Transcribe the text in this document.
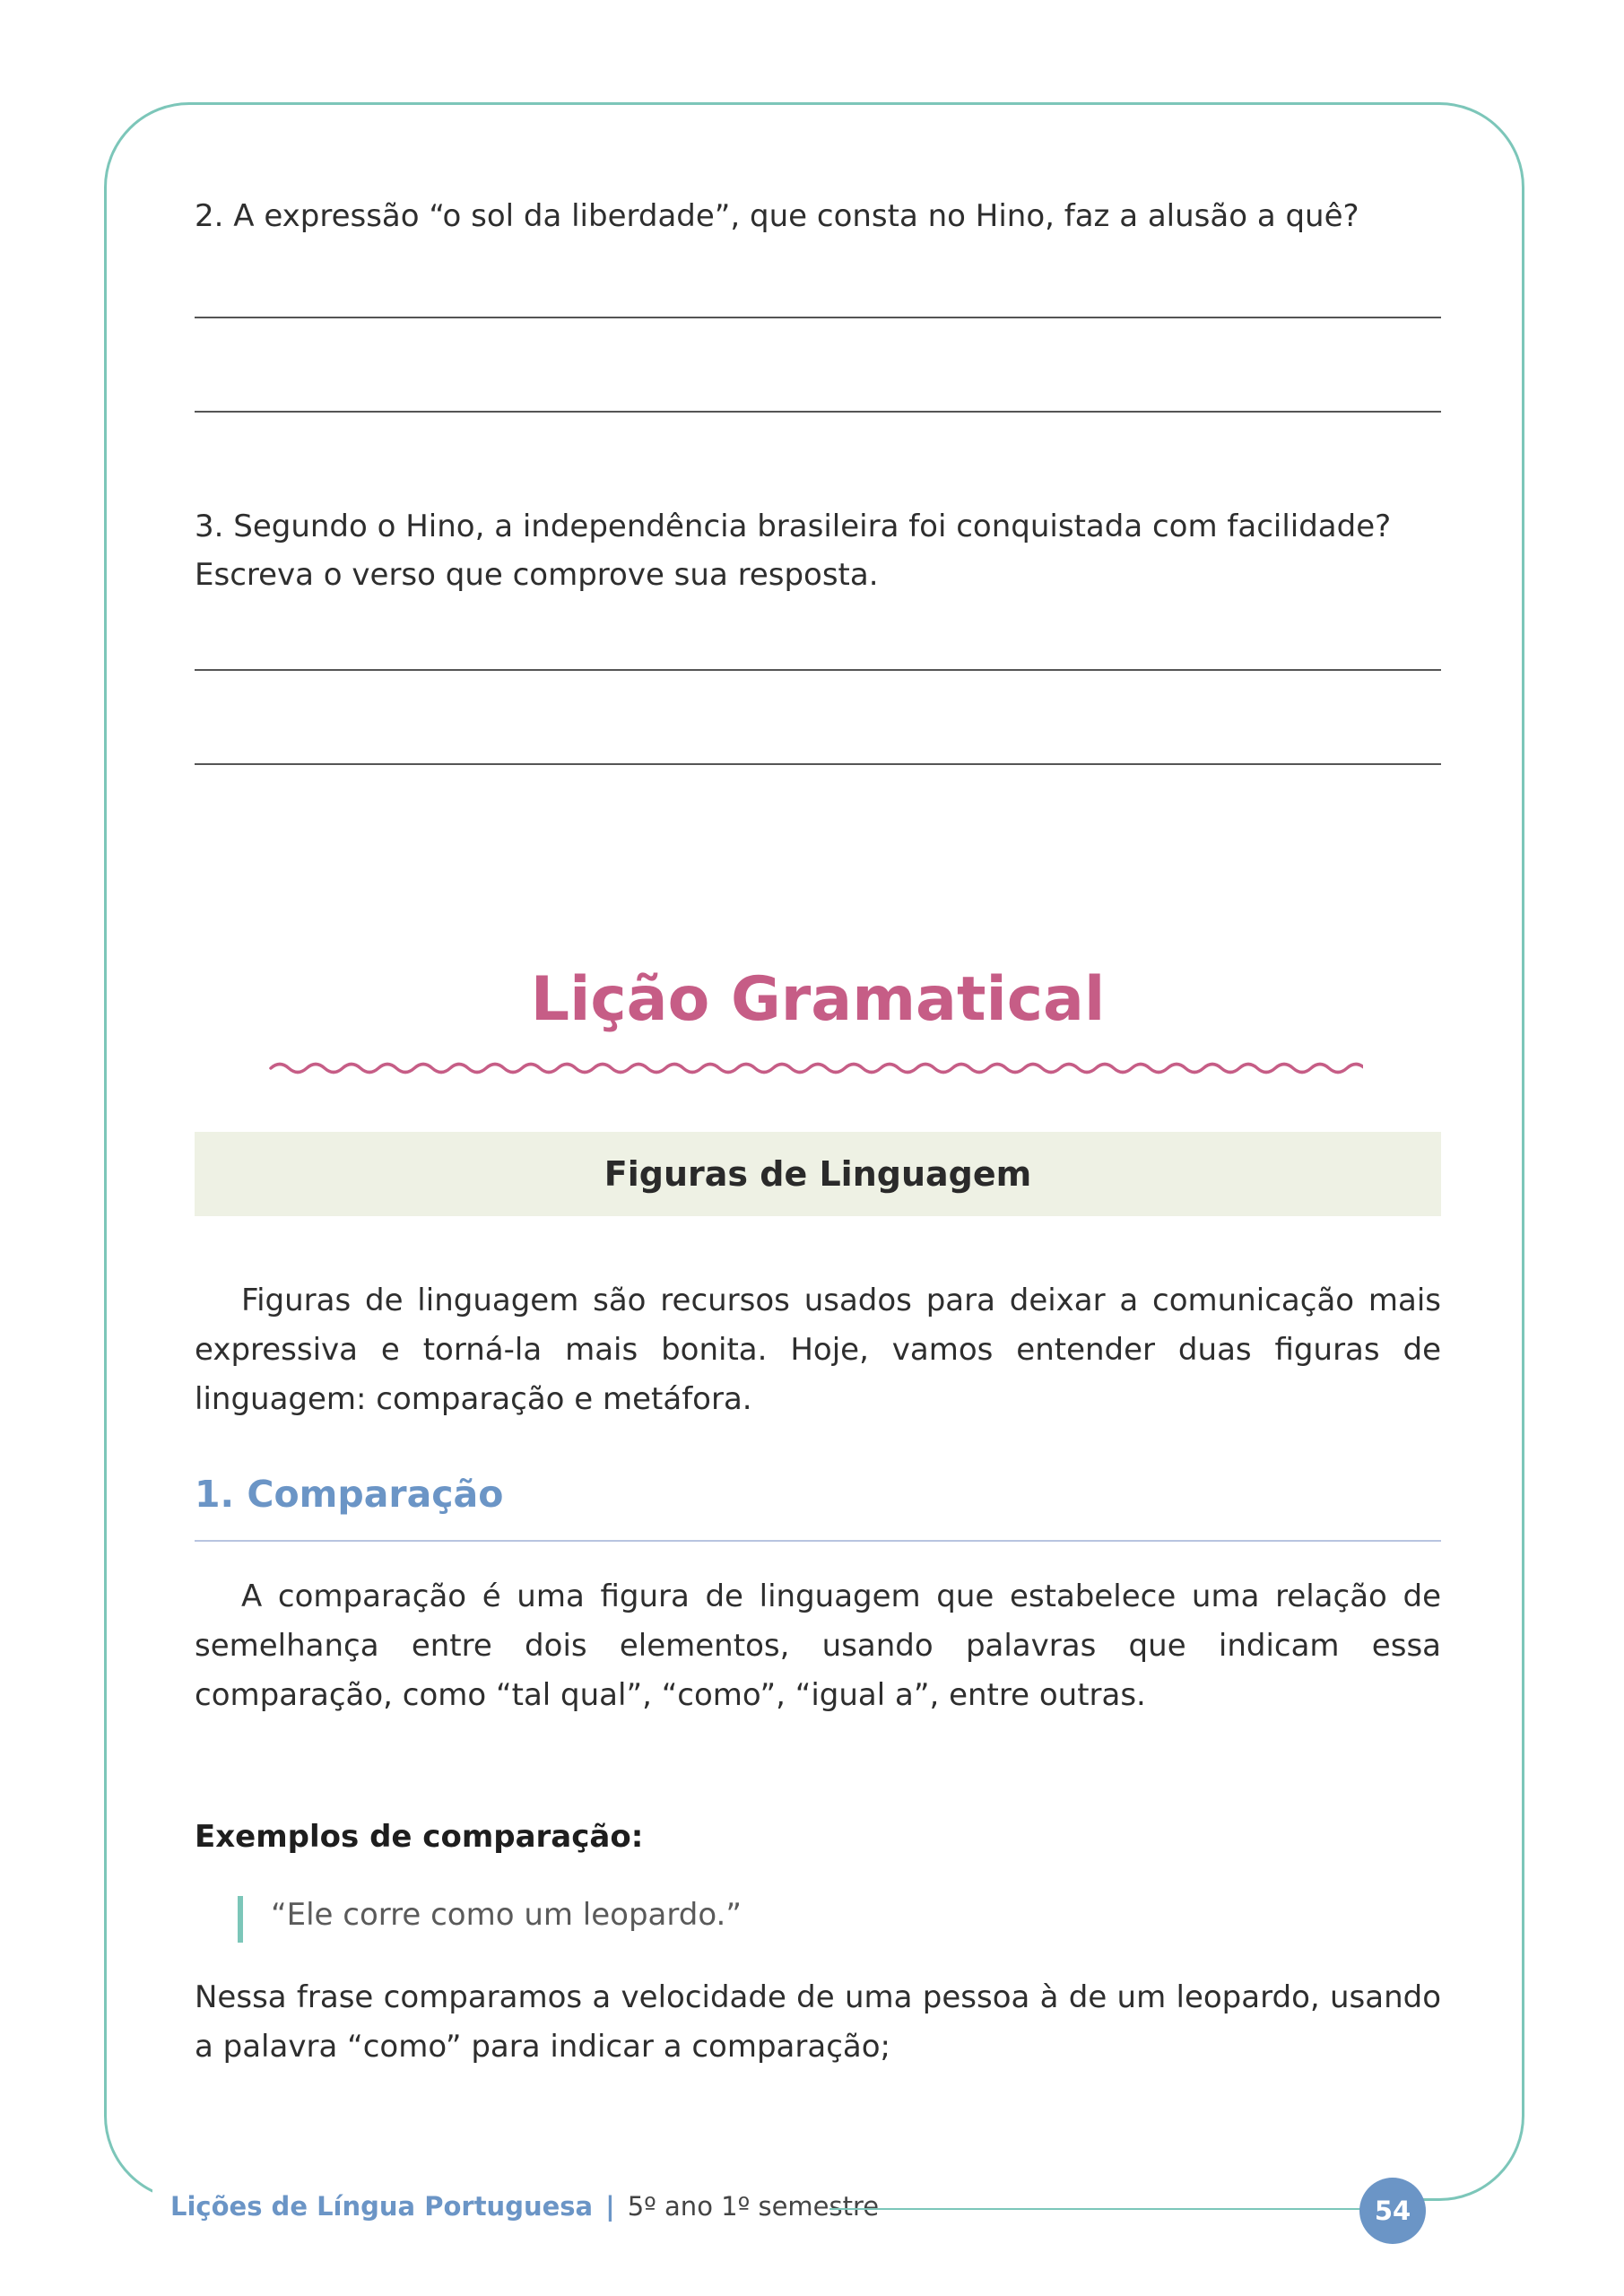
2. A expressão “o sol da liberdade”, que consta no Hino, faz a alusão a quê?

3. Segundo o Hino, a independência brasileira foi conquistada com facilidade? Escreva o verso que comprove sua resposta.

Lição Gramatical
Figuras de Linguagem

Figuras de linguagem são recursos usados para deixar a comunicação mais expressiva e torná-la mais bonita. Hoje, vamos entender duas figuras de linguagem: comparação e metáfora.

1. Comparação

A comparação é uma figura de linguagem que estabelece uma relação de semelhança entre dois elementos, usando palavras que indicam essa comparação, como “tal qual”, “como”, “igual a”, entre outras.

Exemplos de comparação:
“Ele corre como um leopardo.”

Nessa frase comparamos a velocidade de uma pessoa à de um leopardo, usando a palavra “como” para indicar a comparação;

Lições de Língua Portuguesa | 5º ano 1º semestre	54
